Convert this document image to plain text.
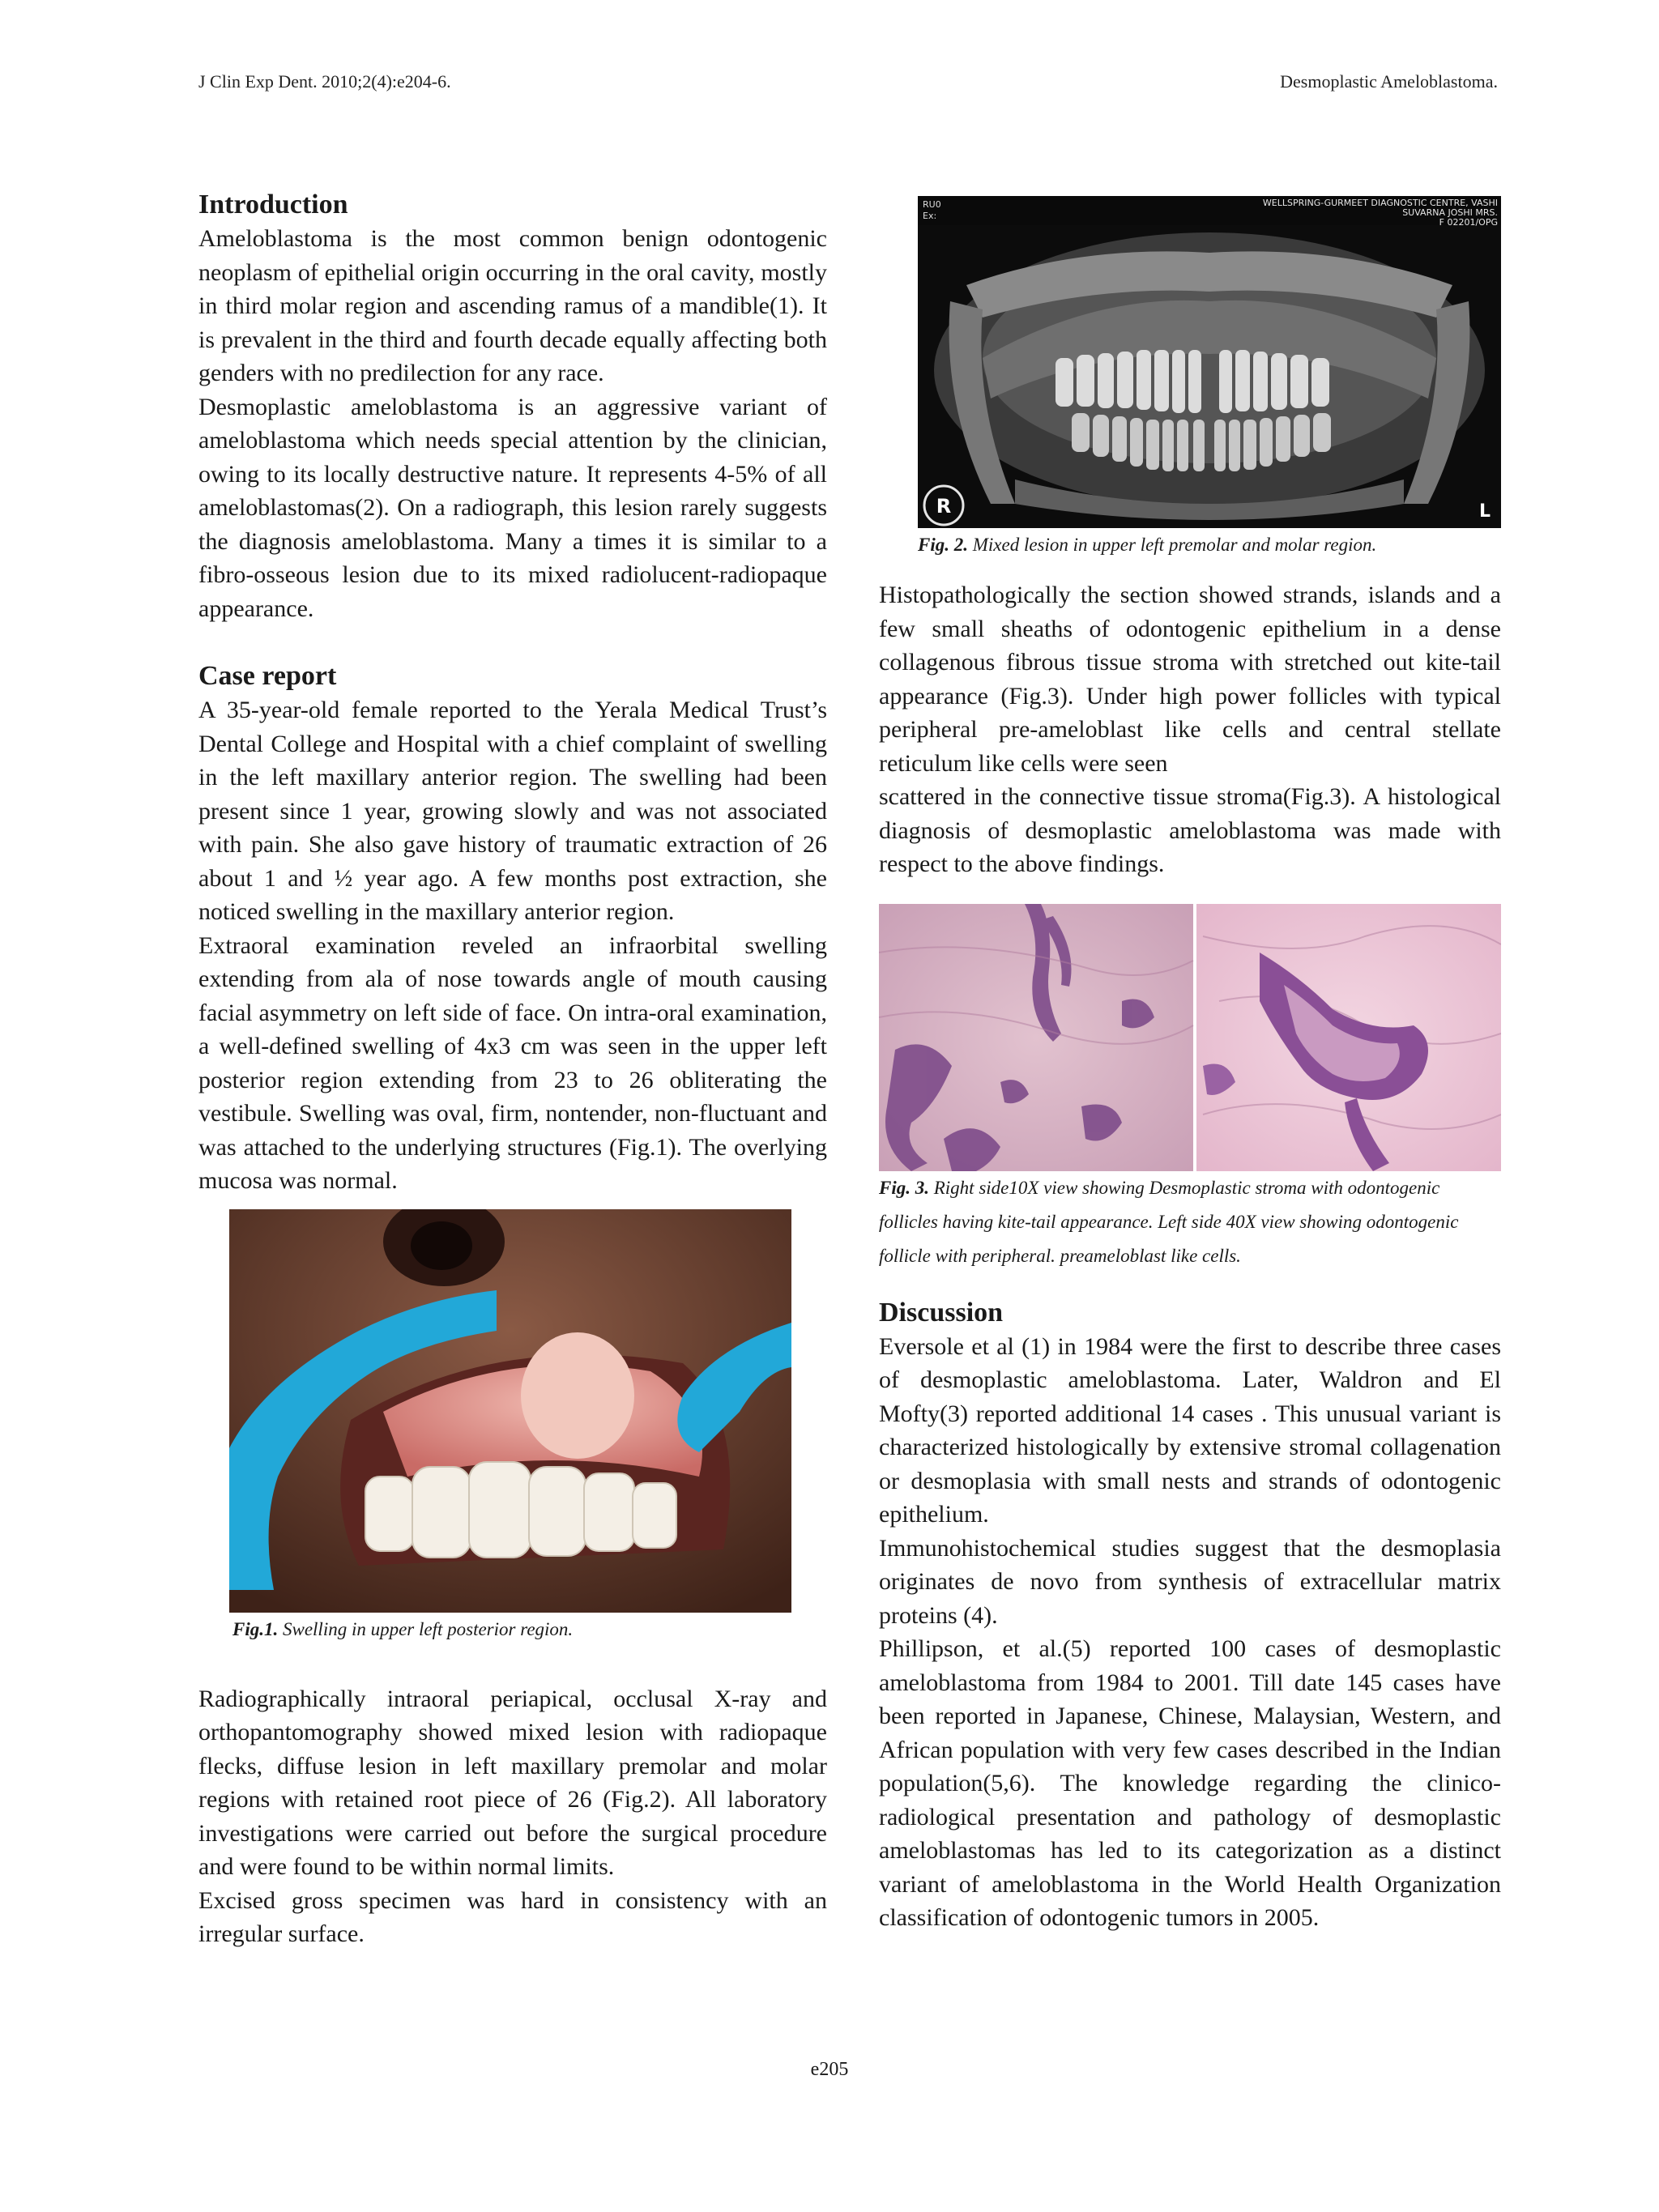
J Clin Exp Dent. 2010;2(4):e204-6.	Desmoplastic Ameloblastoma.
Introduction

Ameloblastoma is the most common benign odontogenic neoplasm of epithelial origin occurring in the oral cavity, mostly in third molar region and ascending ramus of a mandible(1). It is prevalent in the third and fourth decade equally affecting both genders with no predilection for any race.

Desmoplastic ameloblastoma is an aggressive variant of ameloblastoma which needs special attention by the clinician, owing to its locally destructive nature. It represents 4-5% of all ameloblastomas(2). On a radiograph, this lesion rarely suggests the diagnosis ameloblastoma. Many a times it is similar to a fibro-osseous lesion due to its mixed radiolucent-radiopaque appearance.

Case report

A 35-year-old female reported to the Yerala Medical Trust’s Dental College and Hospital with a chief complaint of swelling in the left maxillary anterior region. The swelling had been present since 1 year, growing slowly and was not associated with pain. She also gave history of traumatic extraction of 26 about 1 and ½ year ago. A few months post extraction, she noticed swelling in the maxillary anterior region.

Extraoral examination reveled an infraorbital swelling extending from ala of nose towards angle of mouth causing facial asymmetry on left side of face. On intra-oral examination, a well-defined swelling of 4x3 cm was seen in the upper left posterior region extending from 23 to 26 obliterating the vestibule. Swelling was oval, firm, nontender, non-fluctuant and was attached to the underlying structures (Fig.1). The overlying mucosa was normal.

Fig.1. Swelling in upper left posterior region.

Radiographically intraoral periapical, occlusal X-ray and orthopantomography showed mixed lesion with radiopaque flecks, diffuse lesion in left maxillary premolar and molar regions with retained root piece of 26 (Fig.2). All laboratory investigations were carried out before the surgical procedure and were found to be within normal limits.

Excised gross specimen was hard in consistency with an irregular surface.

RU0
Ex:
WELLSPRING-GURMEET DIAGNOSTIC CENTRE, VASHI
SUVARNA JOSHI MRS.
F 02201/OPG
R	L

Fig. 2. Mixed lesion in upper left premolar and molar region.

Histopathologically the section showed strands, islands and a few small sheaths of odontogenic epithelium in a dense collagenous fibrous tissue stroma with stretched out kite-tail appearance (Fig.3). Under high power follicles with typical peripheral pre-ameloblast like cells and central stellate reticulum like cells were seen

scattered in the connective tissue stroma(Fig.3). A histological diagnosis of desmoplastic ameloblastoma was made with respect to the above findings.

Fig. 3. Right side10X view showing Desmoplastic stroma with odontogenic follicles having kite-tail appearance. Left side 40X view showing odontogenic follicle with peripheral. preameloblast like cells.

Discussion

Eversole et al (1) in 1984 were the first to describe three cases of desmoplastic ameloblastoma. Later, Waldron and El Mofty(3) reported additional 14 cases . This unusual variant is characterized histologically by extensive stromal collagenation or desmoplasia with small nests and strands of odontogenic epithelium.

Immunohistochemical studies suggest that the desmoplasia originates de novo from synthesis of extracellular matrix proteins (4).

Phillipson, et al.(5) reported 100 cases of desmoplastic ameloblastoma from 1984 to 2001. Till date 145 cases have been reported in Japanese, Chinese, Malaysian, Western, and African population with very few cases described in the Indian population(5,6). The knowledge regarding the clinico-radiological presentation and pathology of desmoplastic ameloblastomas has led to its categorization as a distinct variant of ameloblastoma in the World Health Organization classification of odontogenic tumors in 2005.

e205
